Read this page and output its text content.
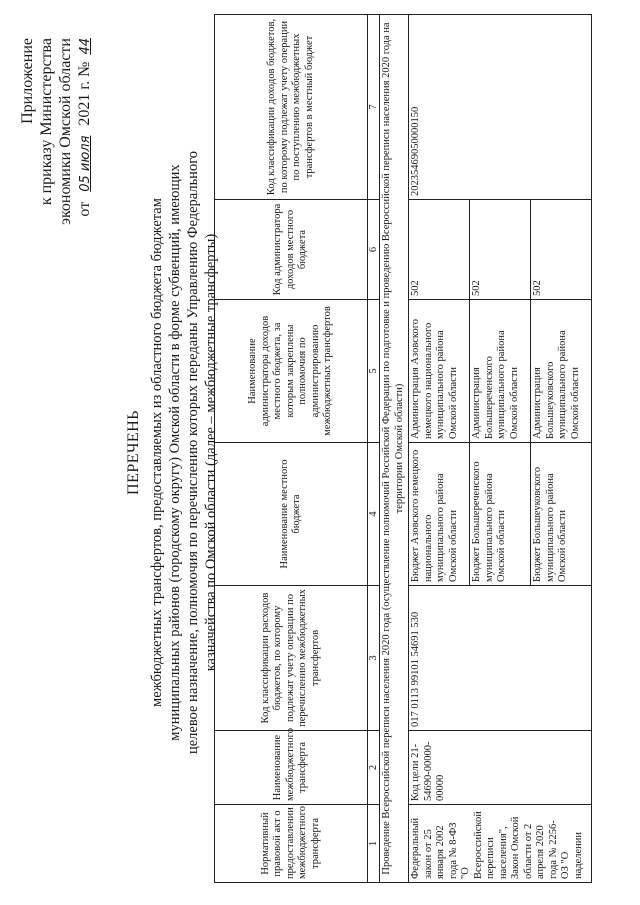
Приложение к приказу Министерства экономики Омской области от 05 июля 2021 г. № 44
ПЕРЕЧЕНЬ межбюджетных трансфертов, предоставляемых из областного бюджета бюджетам муниципальных районов (городскому округу) Омской области в форме субвенций, имеющих целевое назначение, полномочия по перечислению которых переданы Управлению Федерального казначейства по Омской области (далее – межбюджетные трансферты)
Нормативный правовой акт о предоставлении межбюджетного трансферта	Наименование межбюджетного трансферта	Код классификации расходов бюджетов, по которому подлежат учету операции по перечислению межбюджетных трансфертов	Наименование местного бюджета	Наименование администратора доходов местного бюджета, за которым закреплены полномочия по администрированию межбюджетных трансфертов	Код администратора доходов местного бюджета	Код классификации доходов бюджетов, по которому подлежат учету операции по поступлению межбюджетных трансфертов в местный бюджет
1	2	3	4	5	6	7
Проведение Всероссийской переписи населения 2020 года (осуществление полномочий Российской Федерации по подготовке и проведению Всероссийской переписи населения 2020 года на территории Омской области)						
Федеральный закон от 25 января 2002 года № 8-ФЗ "О Всероссийской переписи населения", Закон Омской области от 2 апреля 2020 года № 2256-ОЗ "О наделении	Код цели 21-54690-00000-00000	017 0113 99101 54691 530	Бюджет Азовского немецкого национального муниципального района Омской области	Администрация Азовского немецкого национального муниципального района Омской области	502	20235469050000150
			Бюджет Большереченского муниципального района Омской области	Администрация Большереченского муниципального района Омской области	502	
			Бюджет Большеуковского муниципального района Омской области	Администрация Большеуковского муниципального района Омской области	502	
